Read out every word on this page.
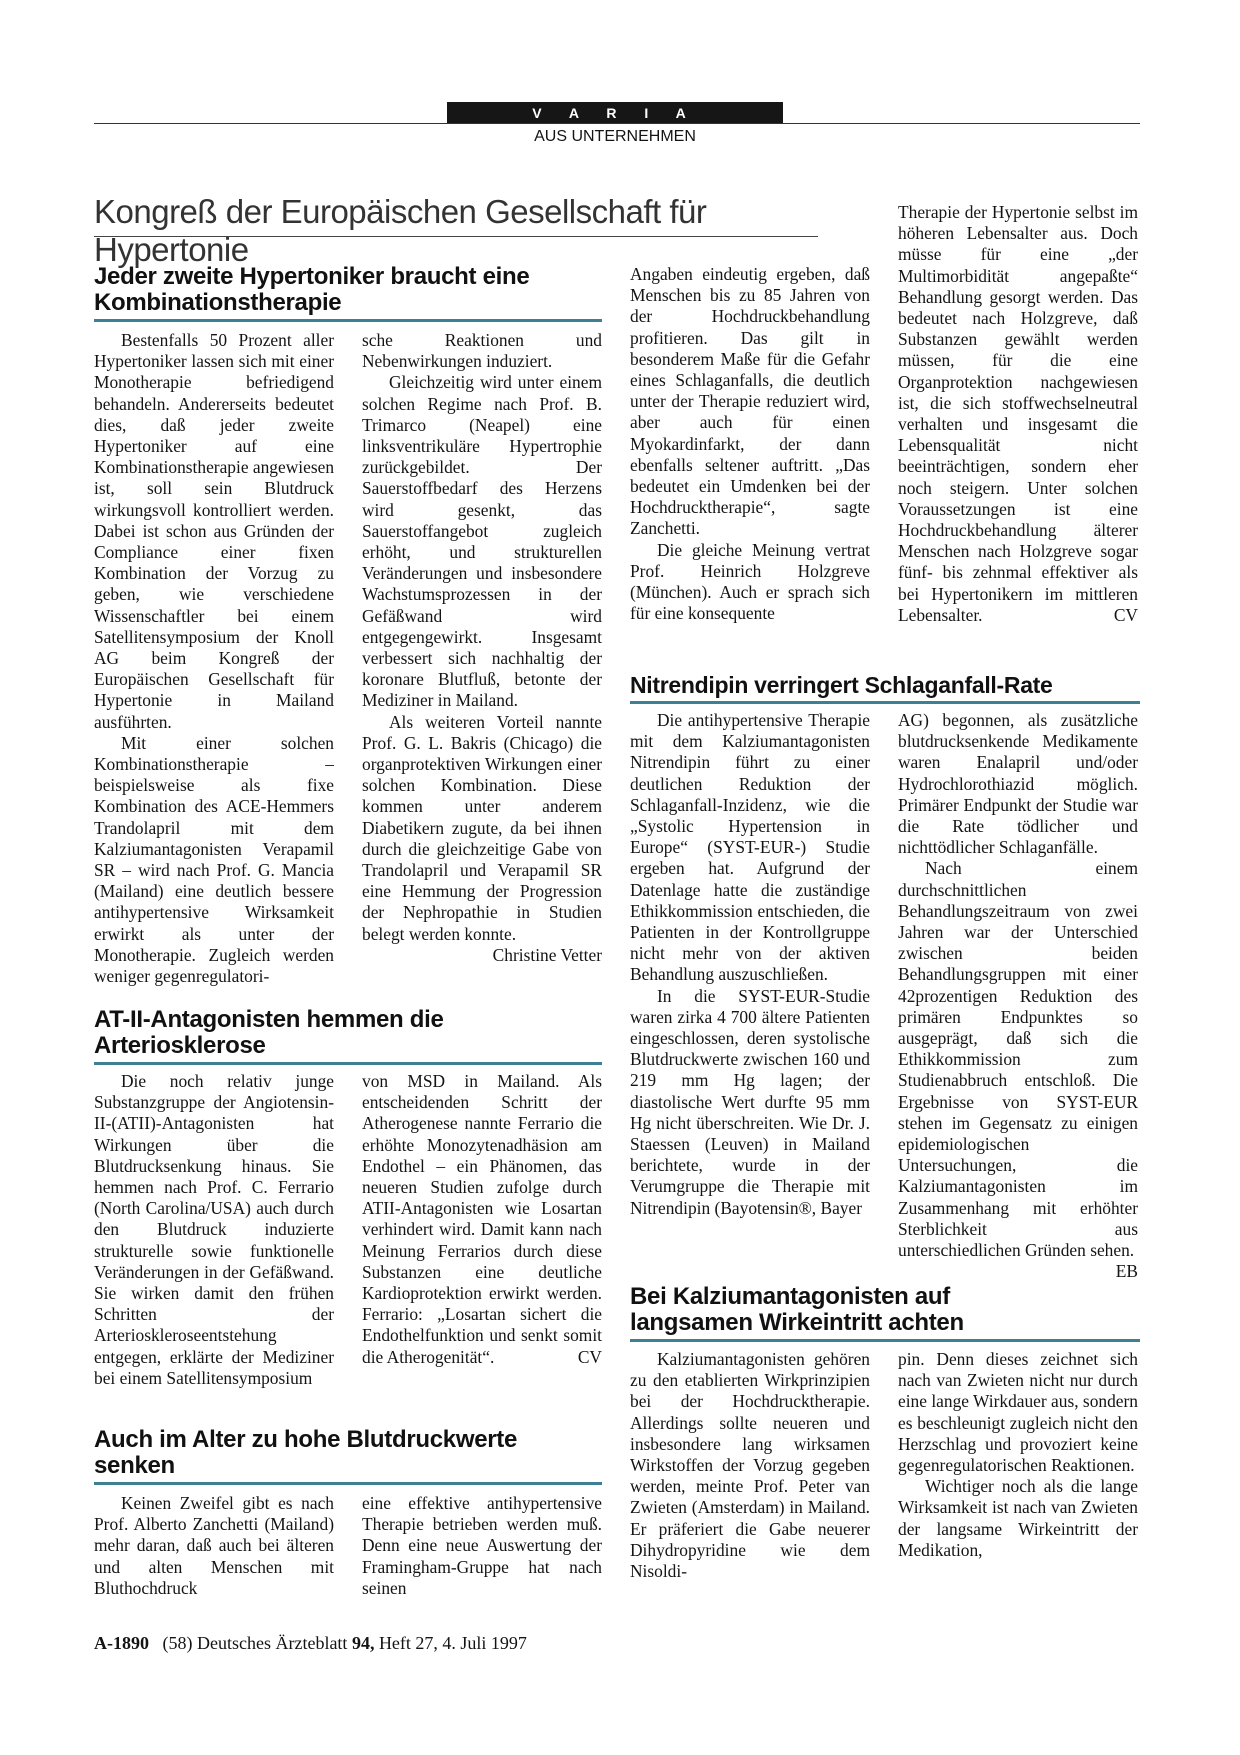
V A R I A
AUS UNTERNEHMEN
Kongreß der Europäischen Gesellschaft für Hypertonie
Jeder zweite Hypertoniker braucht eine Kombinationstherapie

Bestenfalls 50 Prozent aller Hypertoniker lassen sich mit einer Monotherapie befriedigend behandeln. Andererseits bedeutet dies, daß jeder zweite Hypertoniker auf eine Kombinationstherapie angewiesen ist, soll sein Blutdruck wirkungsvoll kontrolliert werden. Dabei ist schon aus Gründen der Compliance einer fixen Kombination der Vorzug zu geben, wie verschiedene Wissenschaftler bei einem Satellitensymposium der Knoll AG beim Kongreß der Europäischen Gesellschaft für Hypertonie in Mailand ausführten.

Mit einer solchen Kombinationstherapie – beispielsweise als fixe Kombination des ACE-Hemmers Trandolapril mit dem Kalziumantagonisten Verapamil SR – wird nach Prof. G. Mancia (Mailand) eine deutlich bessere antihypertensive Wirksamkeit erwirkt als unter der Monotherapie. Zugleich werden weniger gegenregulatori-

sche Reaktionen und Nebenwirkungen induziert.

Gleichzeitig wird unter einem solchen Regime nach Prof. B. Trimarco (Neapel) eine linksventrikuläre Hypertrophie zurückgebildet. Der Sauerstoffbedarf des Herzens wird gesenkt, das Sauerstoffangebot zugleich erhöht, und strukturellen Veränderungen und insbesondere Wachstumsprozessen in der Gefäßwand wird entgegengewirkt. Insgesamt verbessert sich nachhaltig der koronare Blutfluß, betonte der Mediziner in Mailand.

Als weiteren Vorteil nannte Prof. G. L. Bakris (Chicago) die organprotektiven Wirkungen einer solchen Kombination. Diese kommen unter anderem Diabetikern zugute, da bei ihnen durch die gleichzeitige Gabe von Trandolapril und Verapamil SR eine Hemmung der Progression der Nephropathie in Studien belegt werden konnte.
Christine Vetter

AT-II-Antagonisten hemmen die Arteriosklerose

Die noch relativ junge Substanzgruppe der Angiotensin-II-(ATII)-Antagonisten hat Wirkungen über die Blutdrucksenkung hinaus. Sie hemmen nach Prof. C. Ferrario (North Carolina/USA) auch durch den Blutdruck induzierte strukturelle sowie funktionelle Veränderungen in der Gefäßwand. Sie wirken damit den frühen Schritten der Arterioskleroseentstehung entgegen, erklärte der Mediziner bei einem Satellitensymposium

von MSD in Mailand. Als entscheidenden Schritt der Atherogenese nannte Ferrario die erhöhte Monozytenadhäsion am Endothel – ein Phänomen, das neueren Studien zufolge durch ATII-Antagonisten wie Losartan verhindert wird. Damit kann nach Meinung Ferrarios durch diese Substanzen eine deutliche Kardioprotektion erwirkt werden. Ferrario: „Losartan sichert die Endothelfunktion und senkt somit die Atherogenität“.	CV

Auch im Alter zu hohe Blutdruckwerte senken

Keinen Zweifel gibt es nach Prof. Alberto Zanchetti (Mailand) mehr daran, daß auch bei älteren und alten Menschen mit Bluthochdruck

eine effektive antihypertensive Therapie betrieben werden muß. Denn eine neue Auswertung der Framingham-Gruppe hat nach seinen

Angaben eindeutig ergeben, daß Menschen bis zu 85 Jahren von der Hochdruckbehandlung profitieren. Das gilt in besonderem Maße für die Gefahr eines Schlaganfalls, die deutlich unter der Therapie reduziert wird, aber auch für einen Myokardinfarkt, der dann ebenfalls seltener auftritt. „Das bedeutet ein Umdenken bei der Hochdrucktherapie“, sagte Zanchetti.

Die gleiche Meinung vertrat Prof. Heinrich Holzgreve (München). Auch er sprach sich für eine konsequente

Therapie der Hypertonie selbst im höheren Lebensalter aus. Doch müsse für eine „der Multimorbidität angepaßte“ Behandlung gesorgt werden. Das bedeutet nach Holzgreve, daß Substanzen gewählt werden müssen, für die eine Organprotektion nachgewiesen ist, die sich stoffwechselneutral verhalten und insgesamt die Lebensqualität nicht beeinträchtigen, sondern eher noch steigern. Unter solchen Voraussetzungen ist eine Hochdruckbehandlung älterer Menschen nach Holzgreve sogar fünf- bis zehnmal effektiver als bei Hypertonikern im mittleren Lebensalter.	CV

Nitrendipin verringert Schlaganfall-Rate

Die antihypertensive Therapie mit dem Kalziumantagonisten Nitrendipin führt zu einer deutlichen Reduktion der Schlaganfall-Inzidenz, wie die „Systolic Hypertension in Europe“ (SYST-EUR-) Studie ergeben hat. Aufgrund der Datenlage hatte die zuständige Ethikkommission entschieden, die Patienten in der Kontrollgruppe nicht mehr von der aktiven Behandlung auszuschließen.

In die SYST-EUR-Studie waren zirka 4 700 ältere Patienten eingeschlossen, deren systolische Blutdruckwerte zwischen 160 und 219 mm Hg lagen; der diastolische Wert durfte 95 mm Hg nicht überschreiten. Wie Dr. J. Staessen (Leuven) in Mailand berichtete, wurde in der Verumgruppe die Therapie mit Nitrendipin (Bayotensin®, Bayer

AG) begonnen, als zusätzliche blutdrucksenkende Medikamente waren Enalapril und/oder Hydrochlorothiazid möglich. Primärer Endpunkt der Studie war die Rate tödlicher und nichttödlicher Schlaganfälle.

Nach einem durchschnittlichen Behandlungszeitraum von zwei Jahren war der Unterschied zwischen beiden Behandlungsgruppen mit einer 42prozentigen Reduktion des primären Endpunktes so ausgeprägt, daß sich die Ethikkommission zum Studienabbruch entschloß. Die Ergebnisse von SYST-EUR stehen im Gegensatz zu einigen epidemiologischen Untersuchungen, die Kalziumantagonisten im Zusammenhang mit erhöhter Sterblichkeit aus unterschiedlichen Gründen sehen.
EB

Bei Kalziumantagonisten auf langsamen Wirkeintritt achten

Kalziumantagonisten gehören zu den etablierten Wirkprinzipien bei der Hochdrucktherapie. Allerdings sollte neueren und insbesondere lang wirksamen Wirkstoffen der Vorzug gegeben werden, meinte Prof. Peter van Zwieten (Amsterdam) in Mailand. Er präferiert die Gabe neuerer Dihydropyridine wie dem Nisoldi-

pin. Denn dieses zeichnet sich nach van Zwieten nicht nur durch eine lange Wirkdauer aus, sondern es beschleunigt zugleich nicht den Herzschlag und provoziert keine gegenregulatorischen Reaktionen.

Wichtiger noch als die lange Wirksamkeit ist nach van Zwieten der langsame Wirkeintritt der Medikation,

A-1890 (58) Deutsches Ärzteblatt 94, Heft 27, 4. Juli 1997
